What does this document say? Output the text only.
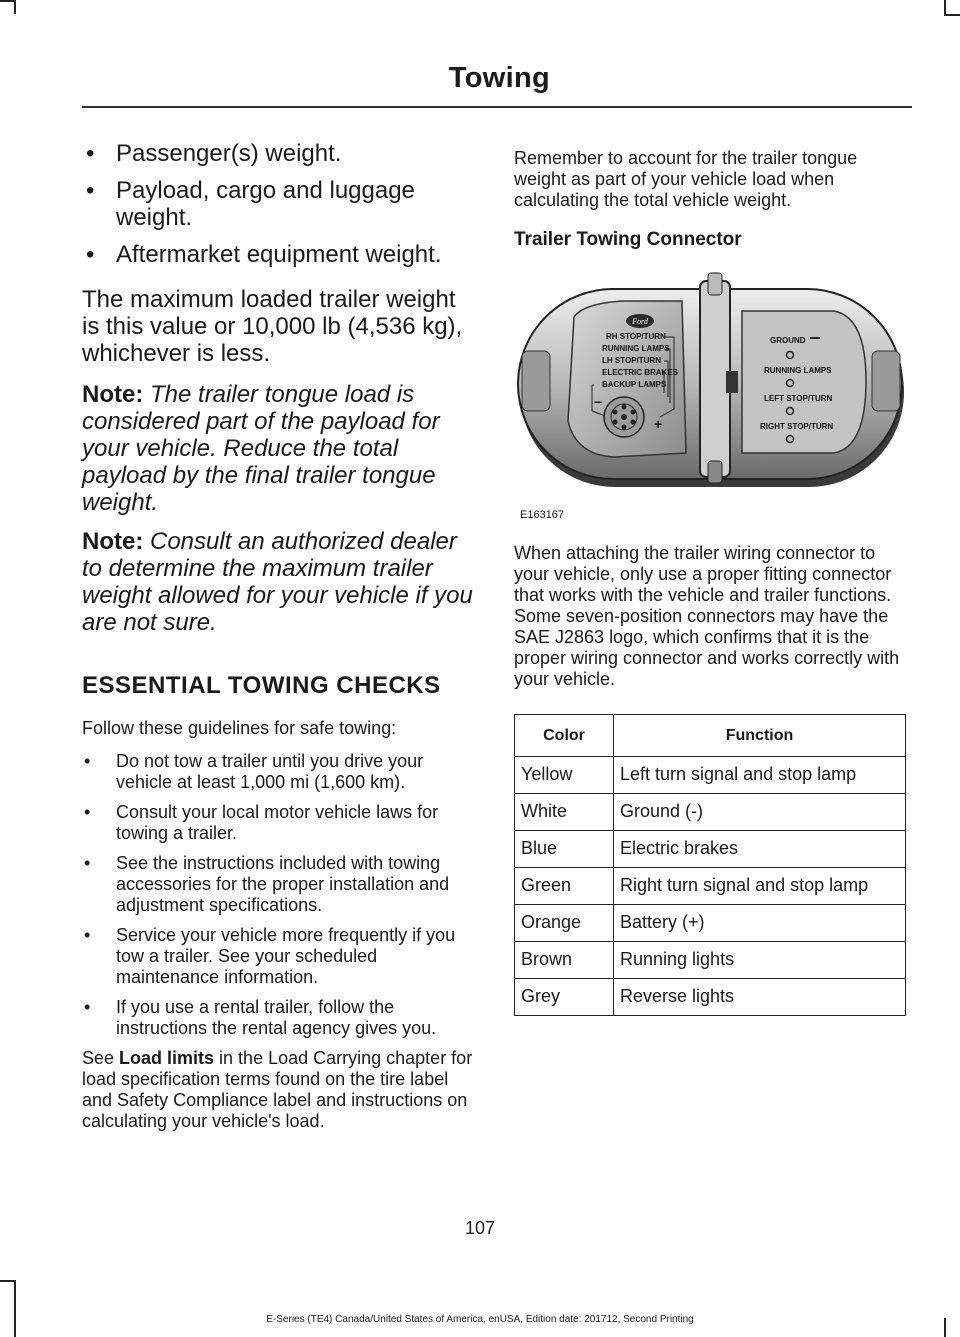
Towing
• Passenger(s) weight.
• Payload, cargo and luggage weight.
• Aftermarket equipment weight.

The maximum loaded trailer weight is this value or 10,000 lb (4,536 kg), whichever is less.

Note: The trailer tongue load is considered part of the payload for your vehicle. Reduce the total payload by the final trailer tongue weight.

Note: Consult an authorized dealer to determine the maximum trailer weight allowed for your vehicle if you are not sure.

ESSENTIAL TOWING CHECKS

Follow these guidelines for safe towing:

• Do not tow a trailer until you drive your vehicle at least 1,000 mi (1,600 km).
• Consult your local motor vehicle laws for towing a trailer.
• See the instructions included with towing accessories for the proper installation and adjustment specifications.
• Service your vehicle more frequently if you tow a trailer. See your scheduled maintenance information.
• If you use a rental trailer, follow the instructions the rental agency gives you.

See Load limits in the Load Carrying chapter for load specification terms found on the tire label and Safety Compliance label and instructions on calculating your vehicle's load.

Remember to account for the trailer tongue weight as part of your vehicle load when calculating the total vehicle weight.

Trailer Towing Connector
Ford
RH STOP/TURN
RUNNING LAMPS
LH STOP/TURN
ELECTRIC BRAKES
BACKUP LAMPS
−
+
GROUND
RUNNING LAMPS
LEFT STOP/TURN
RIGHT STOP/TURN
E163167

When attaching the trailer wiring connector to your vehicle, only use a proper fitting connector that works with the vehicle and trailer functions. Some seven-position connectors may have the SAE J2863 logo, which confirms that it is the proper wiring connector and works correctly with your vehicle.

Color	Function
Yellow	Left turn signal and stop lamp
White	Ground (-)
Blue	Electric brakes
Green	Right turn signal and stop lamp
Orange	Battery (+)
Brown	Running lights
Grey	Reverse lights
107
E-Series (TE4) Canada/United States of America, enUSA, Edition date: 201712, Second Printing
